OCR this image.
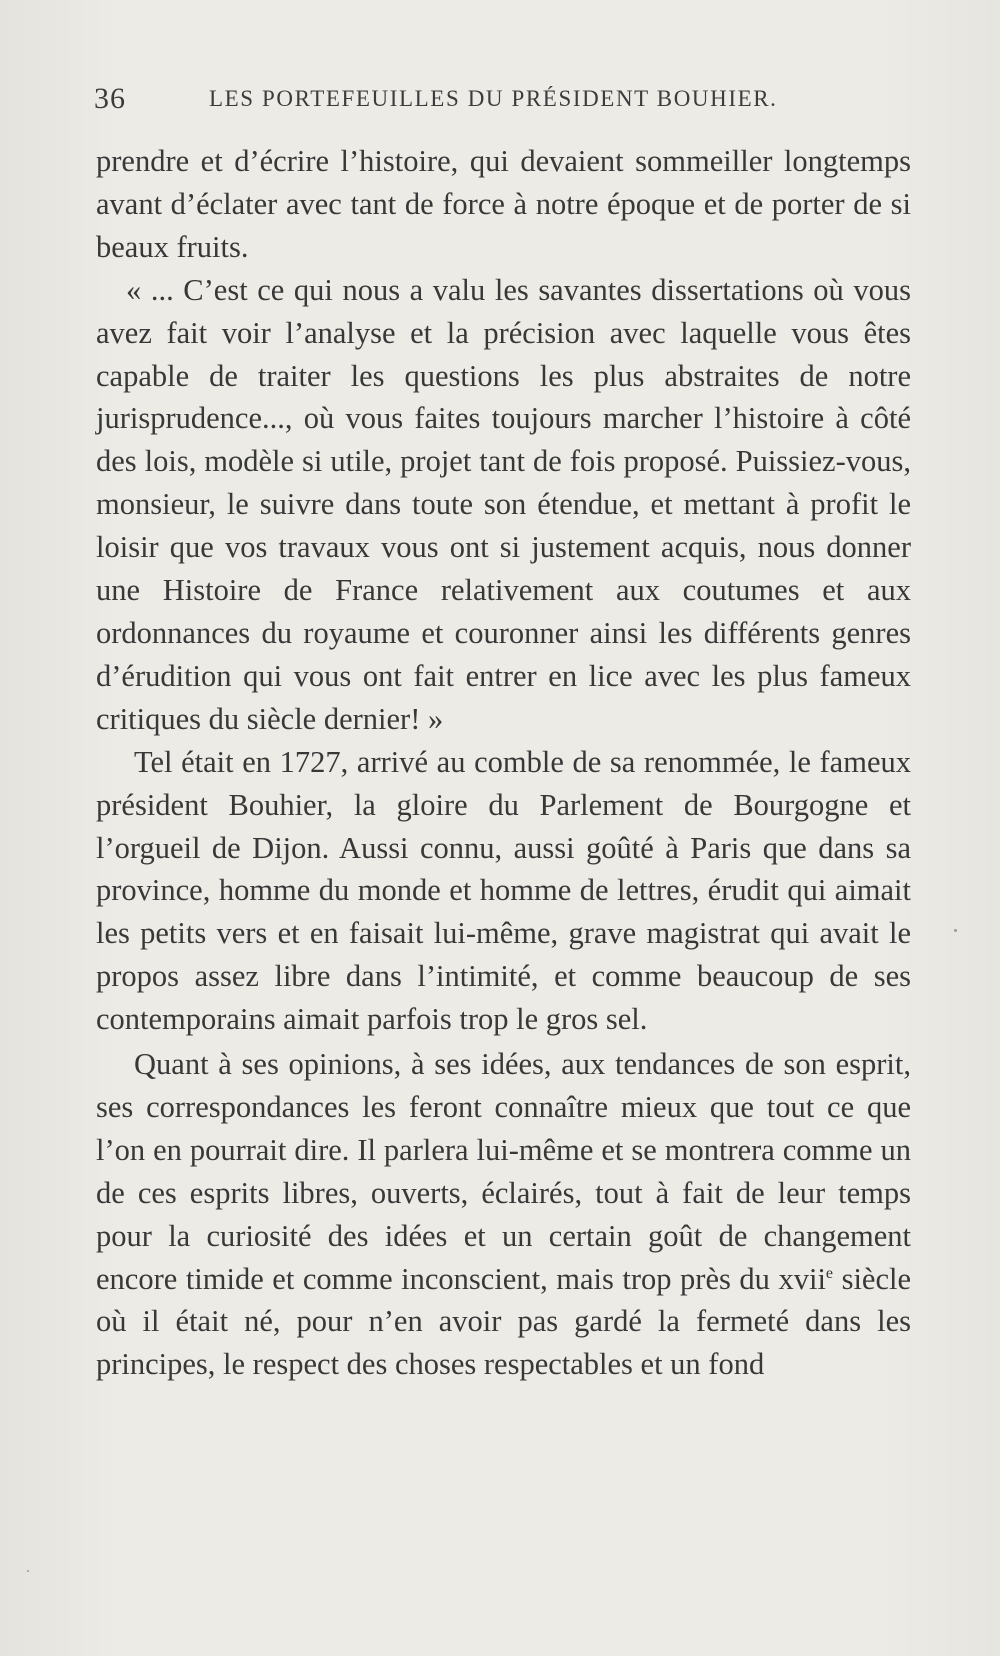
36	LES PORTEFEUILLES DU PRÉSIDENT BOUHIER.

prendre et d’écrire l’histoire, qui devaient sommeiller longtemps avant d’éclater avec tant de force à notre époque et de porter de si beaux fruits.

« ... C’est ce qui nous a valu les savantes dissertations où vous avez fait voir l’analyse et la précision avec laquelle vous êtes capable de traiter les questions les plus abstraites de notre jurisprudence..., où vous faites toujours marcher l’histoire à côté des lois, modèle si utile, projet tant de fois proposé. Puissiez-vous, monsieur, le suivre dans toute son étendue, et mettant à profit le loisir que vos travaux vous ont si justement acquis, nous donner une Histoire de France relativement aux coutumes et aux ordonnances du royaume et couronner ainsi les différents genres d’érudition qui vous ont fait entrer en lice avec les plus fameux critiques du siècle dernier! »

Tel était en 1727, arrivé au comble de sa renommée, le fameux président Bouhier, la gloire du Parlement de Bourgogne et l’orgueil de Dijon. Aussi connu, aussi goûté à Paris que dans sa province, homme du monde et homme de lettres, érudit qui aimait les petits vers et en faisait lui-même, grave magistrat qui avait le propos assez libre dans l’intimité, et comme beaucoup de ses contemporains aimait parfois trop le gros sel.

Quant à ses opinions, à ses idées, aux tendances de son esprit, ses correspondances les feront connaître mieux que tout ce que l’on en pourrait dire. Il parlera lui-même et se montrera comme un de ces esprits libres, ouverts, éclairés, tout à fait de leur temps pour la curiosité des idées et un certain goût de changement encore timide et comme inconscient, mais trop près du xvii$^e$ siècle où il était né, pour n’en avoir pas gardé la fermeté dans les principes, le respect des choses respectables et un fond
